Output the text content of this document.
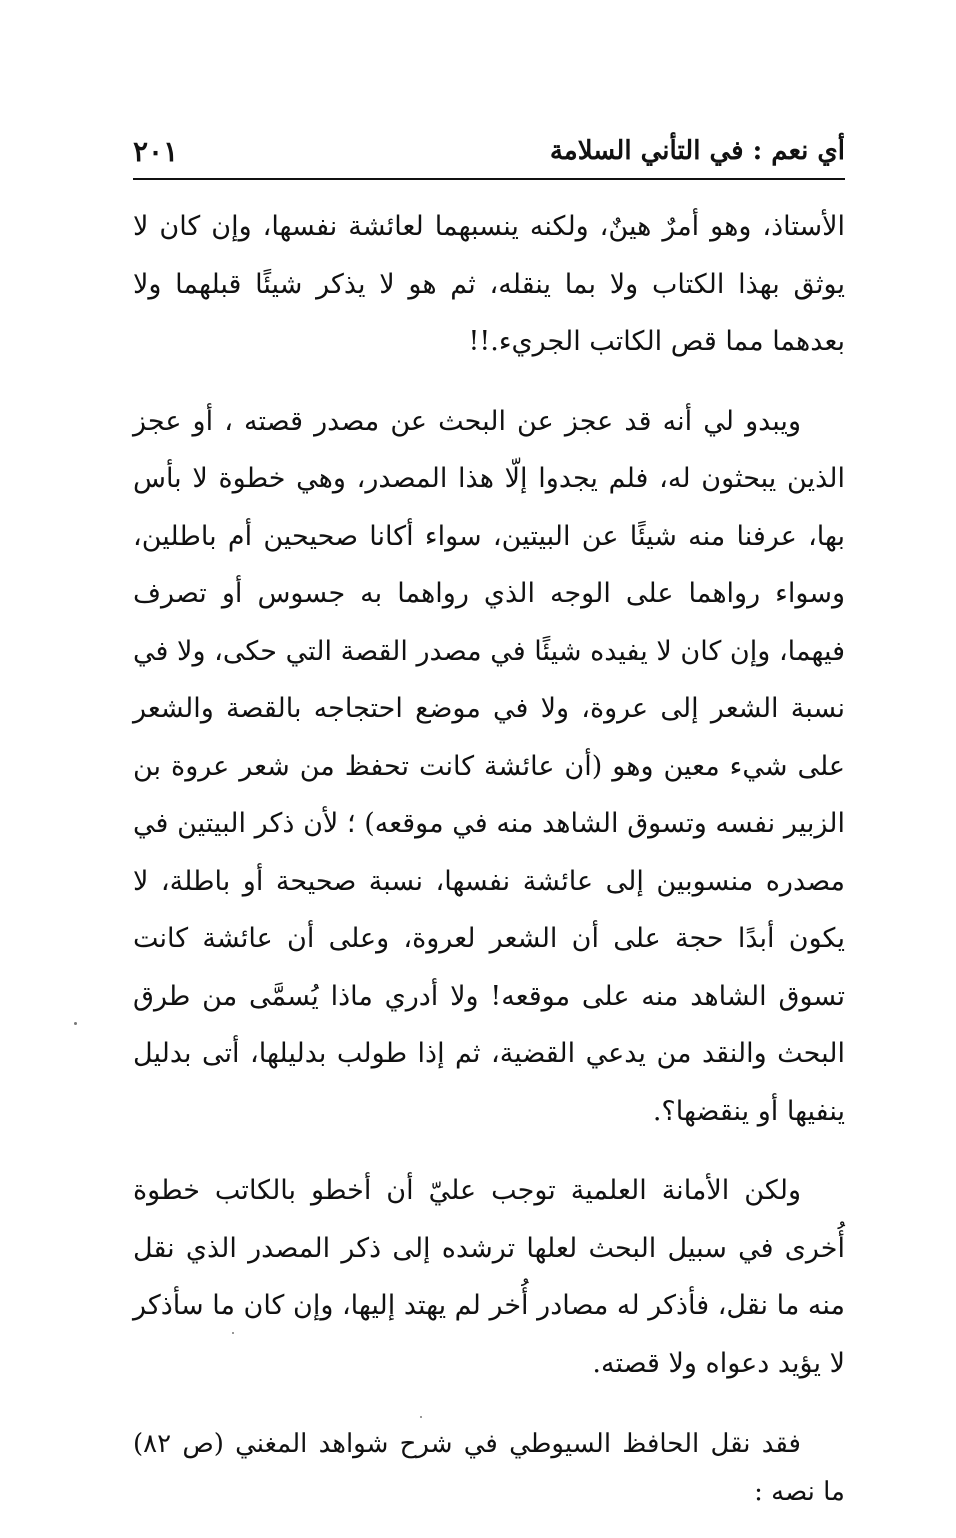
أي نعم : في التأني السلامة
٢٠١

الأستاذ، وهو أمرٌ هينٌ، ولكنه ينسبهما لعائشة نفسها، وإن كان لا يوثق بهذا الكتاب ولا بما ينقله، ثم هو لا يذكر شيئًا قبلهما ولا بعدهما مما قص الكاتب الجريء.!!

ويبدو لي أنه قد عجز عن البحث عن مصدر قصته ، أو عجز الذين يبحثون له، فلم يجدوا إلّا هذا المصدر، وهي خطوة لا بأس بها، عرفنا منه شيئًا عن البيتين، سواء أكانا صحيحين أم باطلين، وسواء رواهما على الوجه الذي رواهما به جسوس أو تصرف فيهما، وإن كان لا يفيده شيئًا في مصدر القصة التي حكى، ولا في نسبة الشعر إلى عروة، ولا في موضع احتجاجه بالقصة والشعر على شيء معين وهو (أن عائشة كانت تحفظ من شعر عروة بن الزبير نفسه وتسوق الشاهد منه في موقعه) ؛ لأن ذكر البيتين في مصدره منسوبين إلى عائشة نفسها، نسبة صحيحة أو باطلة، لا يكون أبدًا حجة على أن الشعر لعروة، وعلى أن عائشة كانت تسوق الشاهد منه على موقعه! ولا أدري ماذا يُسمَّى من طرق البحث والنقد من يدعي القضية، ثم إذا طولب بدليلها، أتى بدليل ينفيها أو ينقضها؟.

ولكن الأمانة العلمية توجب عليّ أن أخطو بالكاتب خطوة أُخرى في سبيل البحث لعلها ترشده إلى ذكر المصدر الذي نقل منه ما نقل، فأذكر له مصادر أُخر لم يهتد إليها، وإن كان ما سأذكر لا يؤيد دعواه ولا قصته.

فقد نقل الحافظ السيوطي في شرح شواهد المغني (ص ٨٢) ما نصه :
